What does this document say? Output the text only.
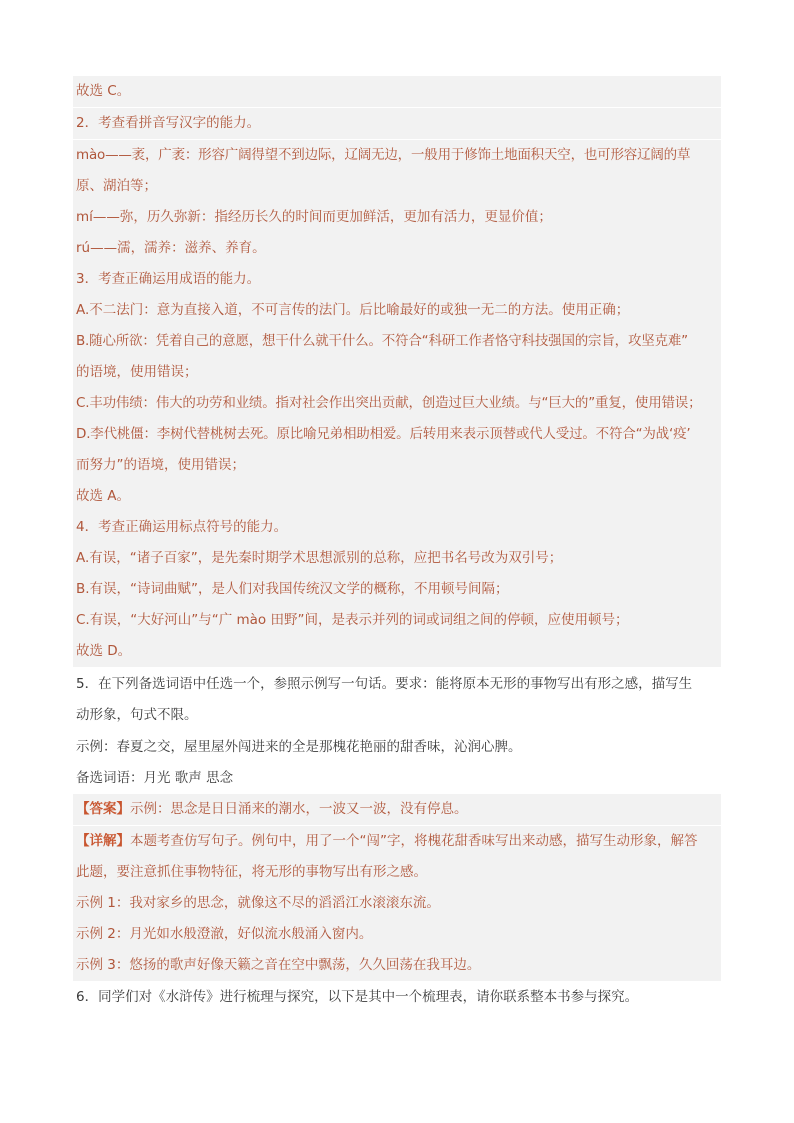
故选 C。
2．考查看拼音写汉字的能力。
mào——袤，广袤：形容广阔得望不到边际，辽阔无边，一般用于修饰土地面积天空，也可形容辽阔的草
原、湖泊等；
mí——弥，历久弥新：指经历长久的时间而更加鲜活，更加有活力，更显价值；
rú——濡，濡养：滋养、养育。
3．考查正确运用成语的能力。
A.不二法门：意为直接入道，不可言传的法门。后比喻最好的或独一无二的方法。使用正确；
B.随心所欲：凭着自己的意愿，想干什么就干什么。不符合“科研工作者恪守科技强国的宗旨，攻坚克难”
的语境，使用错误；
C.丰功伟绩：伟大的功劳和业绩。指对社会作出突出贡献，创造过巨大业绩。与“巨大的”重复，使用错误；
D.李代桃僵：李树代替桃树去死。原比喻兄弟相助相爱。后转用来表示顶替或代人受过。不符合“为战‘疫’
而努力”的语境，使用错误；
故选 A。
4．考查正确运用标点符号的能力。
A.有误，“诸子百家”，是先秦时期学术思想派别的总称，应把书名号改为双引号；
B.有误，“诗词曲赋”，是人们对我国传统汉文学的概称，不用顿号间隔；
C.有误，“大好河山”与“广 mào 田野”间，是表示并列的词或词组之间的停顿，应使用顿号；
故选 D。
5．在下列备选词语中任选一个，参照示例写一句话。要求：能将原本无形的事物写出有形之感，描写生
动形象，句式不限。
示例：春夏之交，屋里屋外闯进来的全是那槐花艳丽的甜香味，沁润心脾。
备选词语：月光 歌声 思念
【答案】示例：思念是日日涌来的潮水，一波又一波，没有停息。
【详解】本题考查仿写句子。例句中，用了一个“闯”字，将槐花甜香味写出来动感，描写生动形象，解答
此题，要注意抓住事物特征，将无形的事物写出有形之感。
示例 1：我对家乡的思念，就像这不尽的滔滔江水滚滚东流。
示例 2：月光如水般澄澈，好似流水般涌入窗内。
示例 3：悠扬的歌声好像天籁之音在空中飘荡，久久回荡在我耳边。
6．同学们对《水浒传》进行梳理与探究，以下是其中一个梳理表，请你联系整本书参与探究。
